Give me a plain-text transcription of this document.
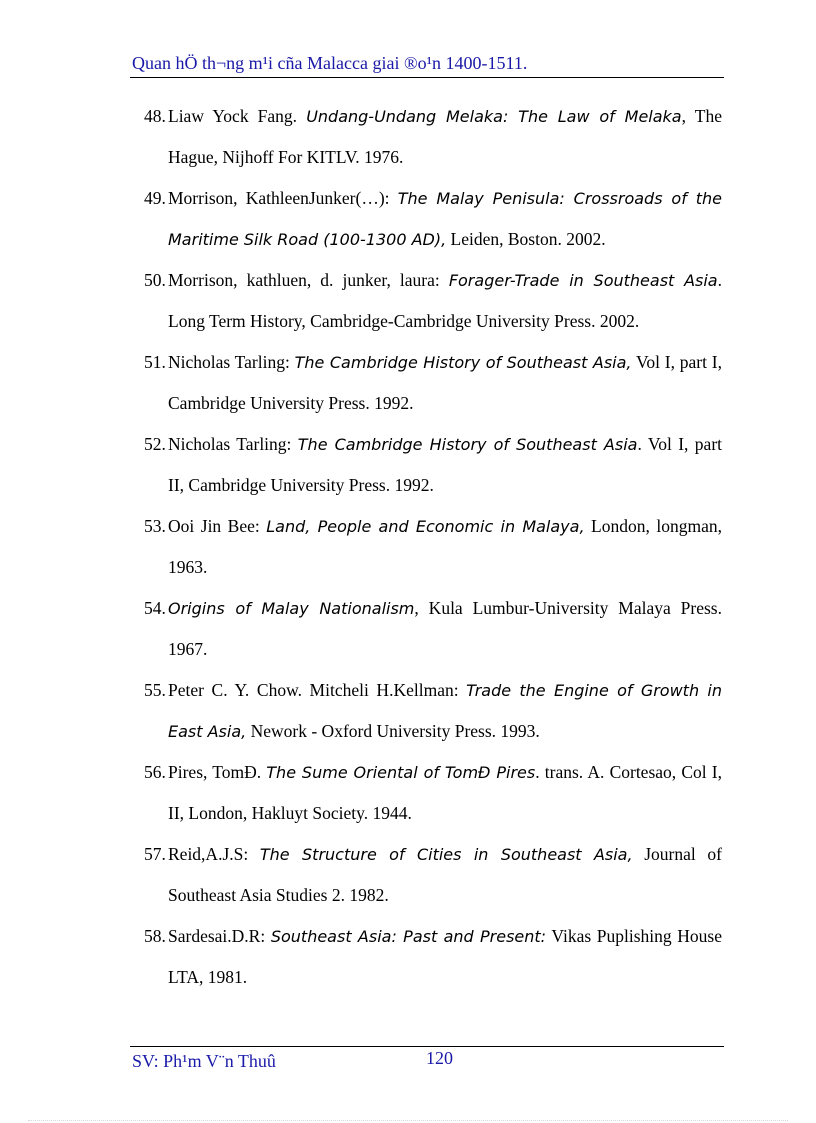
Quan hÖ th¬ng m¹i cña Malacca giai ®o¹n 1400-1511.
48. Liaw Yock Fang. Undang-Undang Melaka: The Law of Melaka, The Hague, Nijhoff For KITLV. 1976.
49. Morrison, KathleenJunker(…): The Malay Penisula: Crossroads of the Maritime Silk Road (100-1300 AD), Leiden, Boston. 2002.
50. Morrison, kathluen, d. junker, laura: Forager-Trade in Southeast Asia. Long Term History, Cambridge-Cambridge University Press. 2002.
51. Nicholas Tarling: The Cambridge History of Southeast Asia, Vol I, part I, Cambridge University Press. 1992.
52. Nicholas Tarling: The Cambridge History of Southeast Asia. Vol I, part II, Cambridge University Press. 1992.
53. Ooi Jin Bee: Land, People and Economic in Malaya, London, longman, 1963.
54. Origins of Malay Nationalism, Kula Lumbur-University Malaya Press. 1967.
55. Peter C. Y. Chow. Mitcheli H.Kellman: Trade the Engine of Growth in East Asia, Nework - Oxford University Press. 1993.
56. Pires, TomÐ. The Sume Oriental of TomÐ Pires. trans. A. Cortesao, Col I, II, London, Hakluyt Society. 1944.
57. Reid,A.J.S: The Structure of Cities in Southeast Asia, Journal of Southeast Asia Studies 2. 1982.
58. Sardesai.D.R: Southeast Asia: Past and Present: Vikas Puplishing House LTA, 1981.
SV: Ph¹m V¨n Thuû	120
